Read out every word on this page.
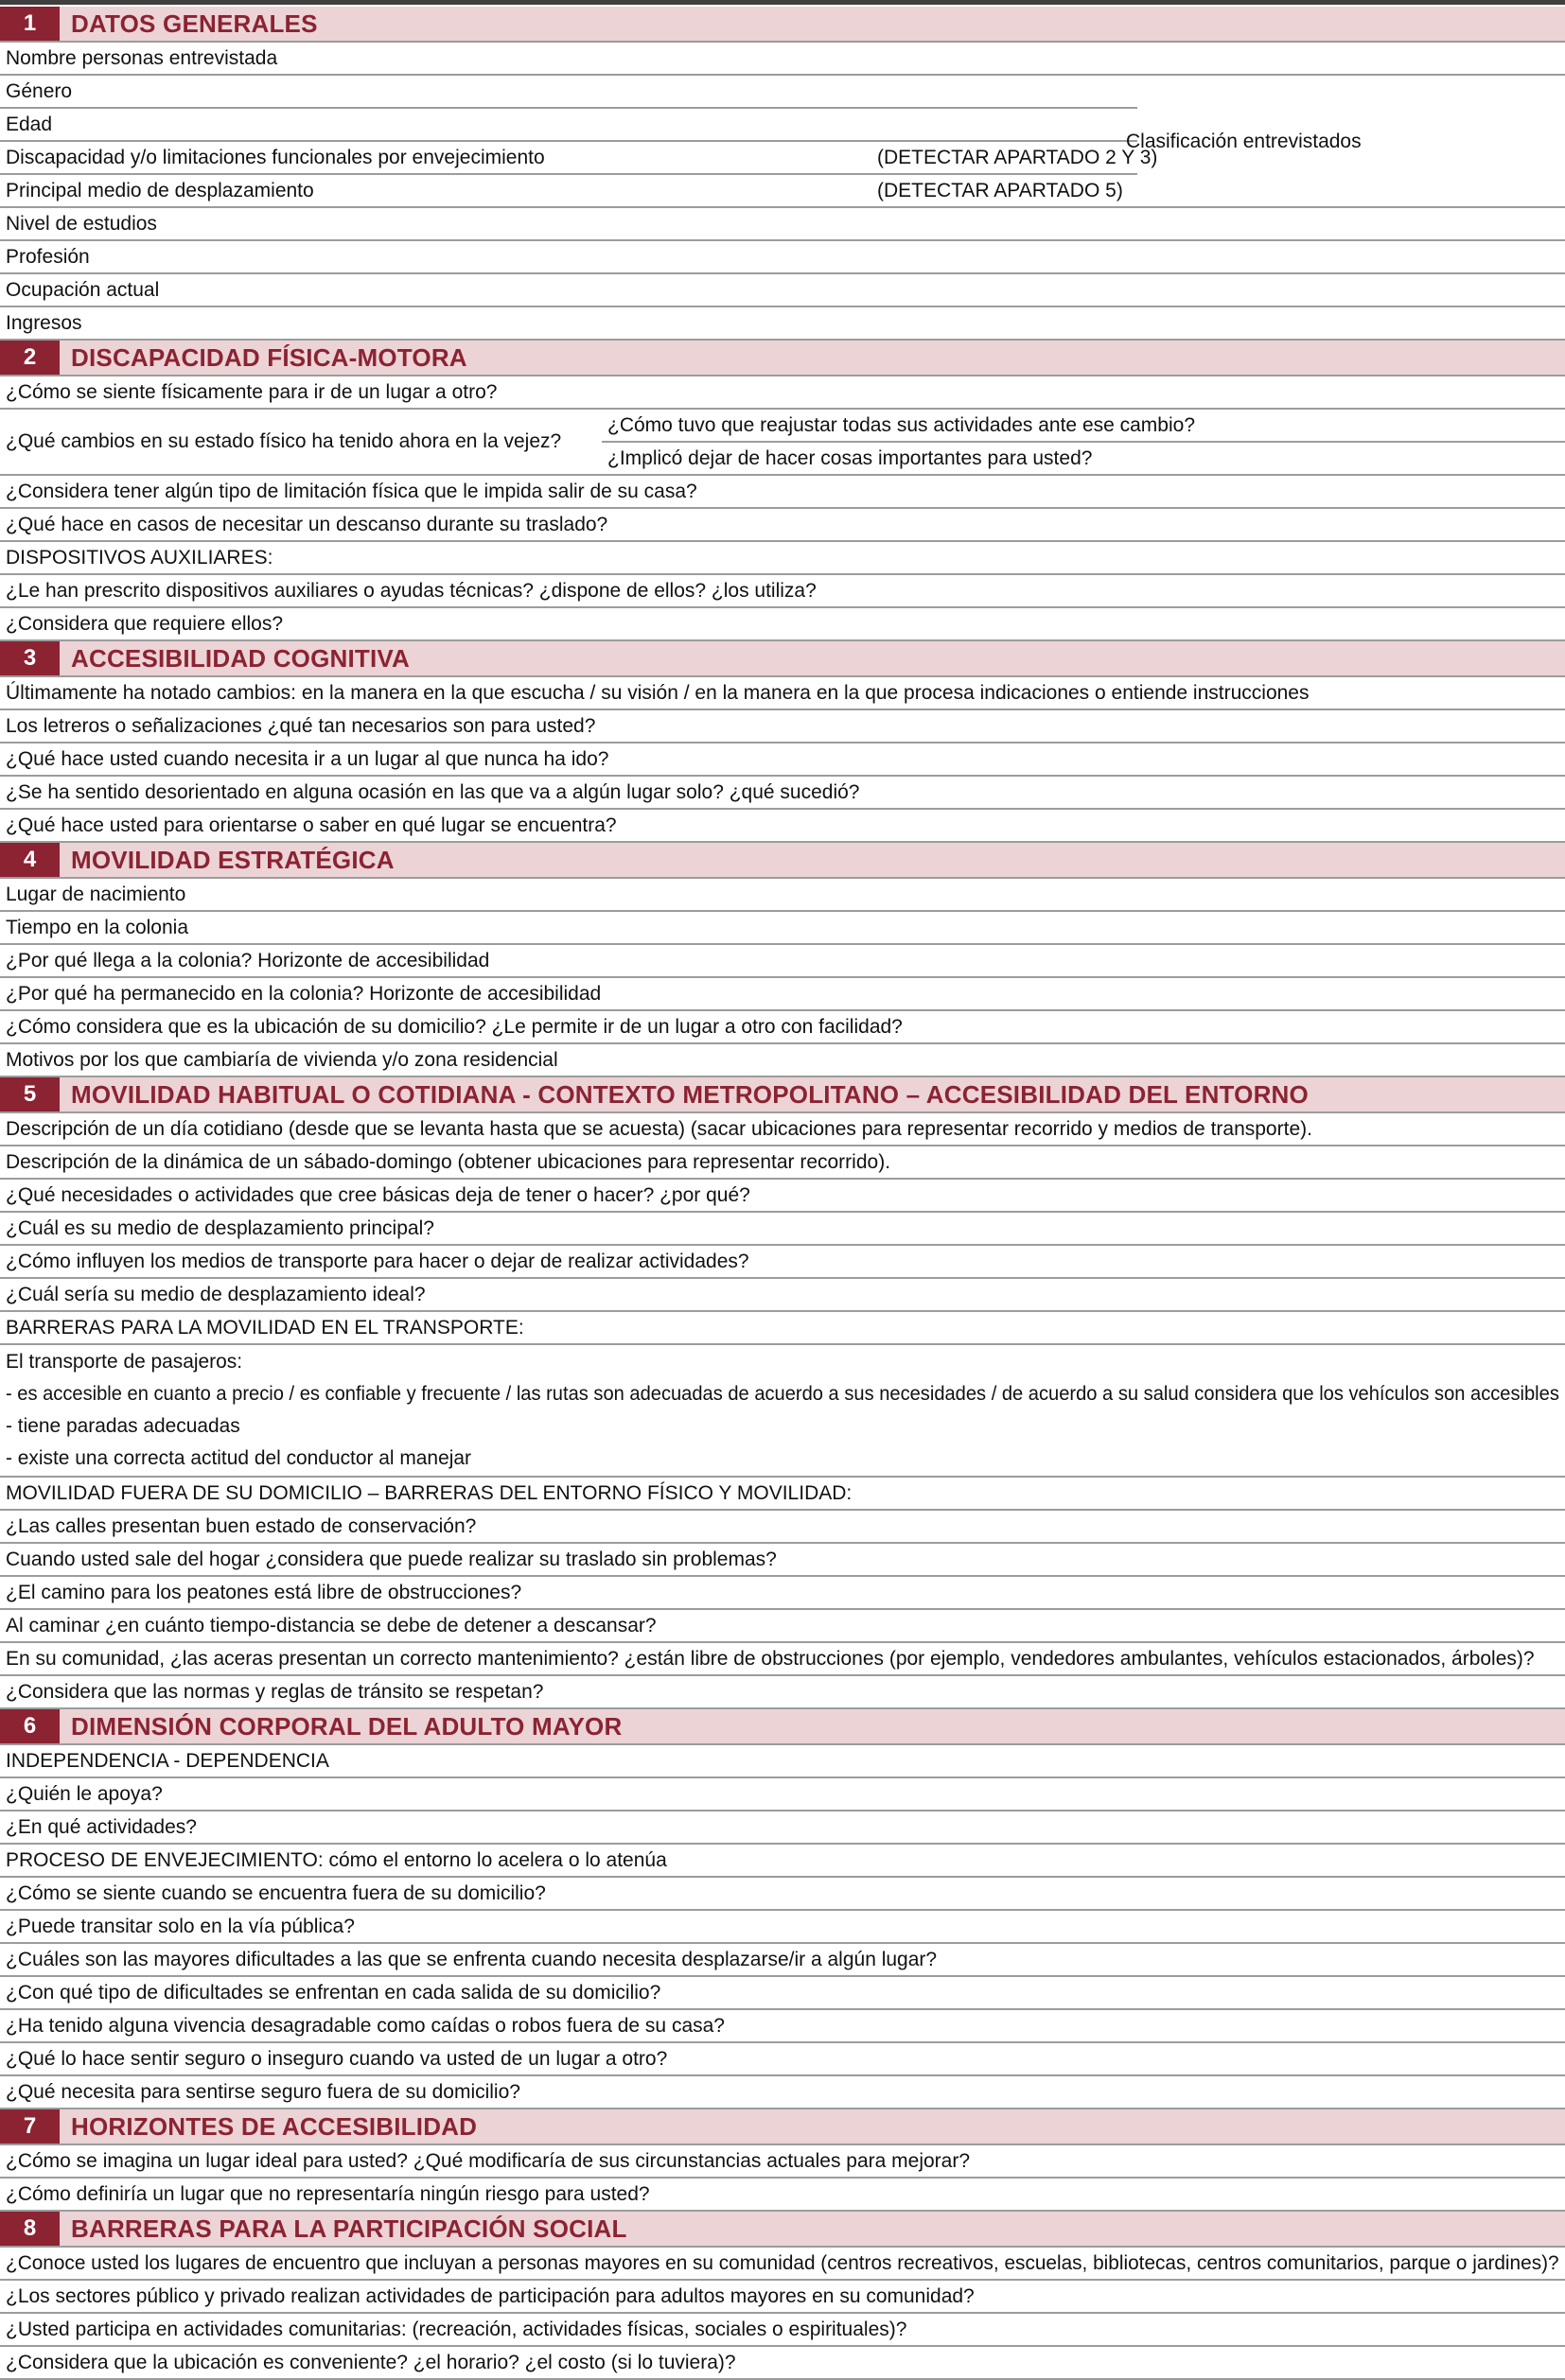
1	DATOS GENERALES
Nombre personas entrevistada
Género
Edad
Discapacidad y/o limitaciones funcionales por envejecimiento	(DETECTAR APARTADO 2 Y 3)
Principal medio de desplazamiento	(DETECTAR APARTADO 5)
Nivel de estudios
Profesión
Ocupación actual
Ingresos
Clasificación entrevistados
2	DISCAPACIDAD FÍSICA-MOTORA
¿Cómo se siente físicamente para ir de un lugar a otro?
¿Qué cambios en su estado físico ha tenido ahora en la vejez?
¿Cómo tuvo que reajustar todas sus actividades ante ese cambio?
¿Implicó dejar de hacer cosas importantes para usted?
¿Considera tener algún tipo de limitación física que le impida salir de su casa?
¿Qué hace en casos de necesitar un descanso durante su traslado?
DISPOSITIVOS AUXILIARES:
¿Le han prescrito dispositivos auxiliares o ayudas técnicas? ¿dispone de ellos? ¿los utiliza?
¿Considera que requiere ellos?
3	ACCESIBILIDAD COGNITIVA
Últimamente ha notado cambios: en la manera en la que escucha / su visión / en la manera en la que procesa indicaciones o entiende instrucciones
Los letreros o señalizaciones ¿qué tan necesarios son para usted?
¿Qué hace usted cuando necesita ir a un lugar al que nunca ha ido?
¿Se ha sentido desorientado en alguna ocasión en las que va a algún lugar solo? ¿qué sucedió?
¿Qué hace usted para orientarse o saber en qué lugar se encuentra?
4	MOVILIDAD ESTRATÉGICA
Lugar de nacimiento
Tiempo en la colonia
¿Por qué llega a la colonia? Horizonte de accesibilidad
¿Por qué ha permanecido en la colonia? Horizonte de accesibilidad
¿Cómo considera que es la ubicación de su domicilio? ¿Le permite ir de un lugar a otro con facilidad?
Motivos por los que cambiaría de vivienda y/o zona residencial
5	MOVILIDAD HABITUAL O COTIDIANA - CONTEXTO METROPOLITANO – ACCESIBILIDAD DEL ENTORNO
Descripción de un día cotidiano (desde que se levanta hasta que se acuesta) (sacar ubicaciones para representar recorrido y medios de transporte).
Descripción de la dinámica de un sábado-domingo (obtener ubicaciones para representar recorrido).
¿Qué necesidades o actividades que cree básicas deja de tener o hacer? ¿por qué?
¿Cuál es su medio de desplazamiento principal?
¿Cómo influyen los medios de transporte para hacer o dejar de realizar actividades?
¿Cuál sería su medio de desplazamiento ideal?
BARRERAS PARA LA MOVILIDAD EN EL TRANSPORTE:
El transporte de pasajeros:
- es accesible en cuanto a precio / es confiable y frecuente / las rutas son adecuadas de acuerdo a sus necesidades / de acuerdo a su salud considera que los vehículos son accesibles
- tiene paradas adecuadas
- existe una correcta actitud del conductor al manejar
MOVILIDAD FUERA DE SU DOMICILIO – BARRERAS DEL ENTORNO FÍSICO Y MOVILIDAD:
¿Las calles presentan buen estado de conservación?
Cuando usted sale del hogar ¿considera que puede realizar su traslado sin problemas?
¿El camino para los peatones está libre de obstrucciones?
Al caminar ¿en cuánto tiempo-distancia se debe de detener a descansar?
En su comunidad, ¿las aceras presentan un correcto mantenimiento? ¿están libre de obstrucciones (por ejemplo, vendedores ambulantes, vehículos estacionados, árboles)?
¿Considera que las normas y reglas de tránsito se respetan?
6	DIMENSIÓN CORPORAL DEL ADULTO MAYOR
INDEPENDENCIA - DEPENDENCIA
¿Quién le apoya?
¿En qué actividades?
PROCESO DE ENVEJECIMIENTO: cómo el entorno lo acelera o lo atenúa
¿Cómo se siente cuando se encuentra fuera de su domicilio?
¿Puede transitar solo en la vía pública?
¿Cuáles son las mayores dificultades a las que se enfrenta cuando necesita desplazarse/ir a algún lugar?
¿Con qué tipo de dificultades se enfrentan en cada salida de su domicilio?
¿Ha tenido alguna vivencia desagradable como caídas o robos fuera de su casa?
¿Qué lo hace sentir seguro o inseguro cuando va usted de un lugar a otro?
¿Qué necesita para sentirse seguro fuera de su domicilio?
7	HORIZONTES DE ACCESIBILIDAD
¿Cómo se imagina un lugar ideal para usted? ¿Qué modificaría de sus circunstancias actuales para mejorar?
¿Cómo definiría un lugar que no representaría ningún riesgo para usted?
8	BARRERAS PARA LA PARTICIPACIÓN SOCIAL
¿Conoce usted los lugares de encuentro que incluyan a personas mayores en su comunidad (centros recreativos, escuelas, bibliotecas, centros comunitarios, parque o jardines)?
¿Los sectores público y privado realizan actividades de participación para adultos mayores en su comunidad?
¿Usted participa en actividades comunitarias: (recreación, actividades físicas, sociales o espirituales)?
¿Considera que la ubicación es conveniente? ¿el horario? ¿el costo (si lo tuviera)?
